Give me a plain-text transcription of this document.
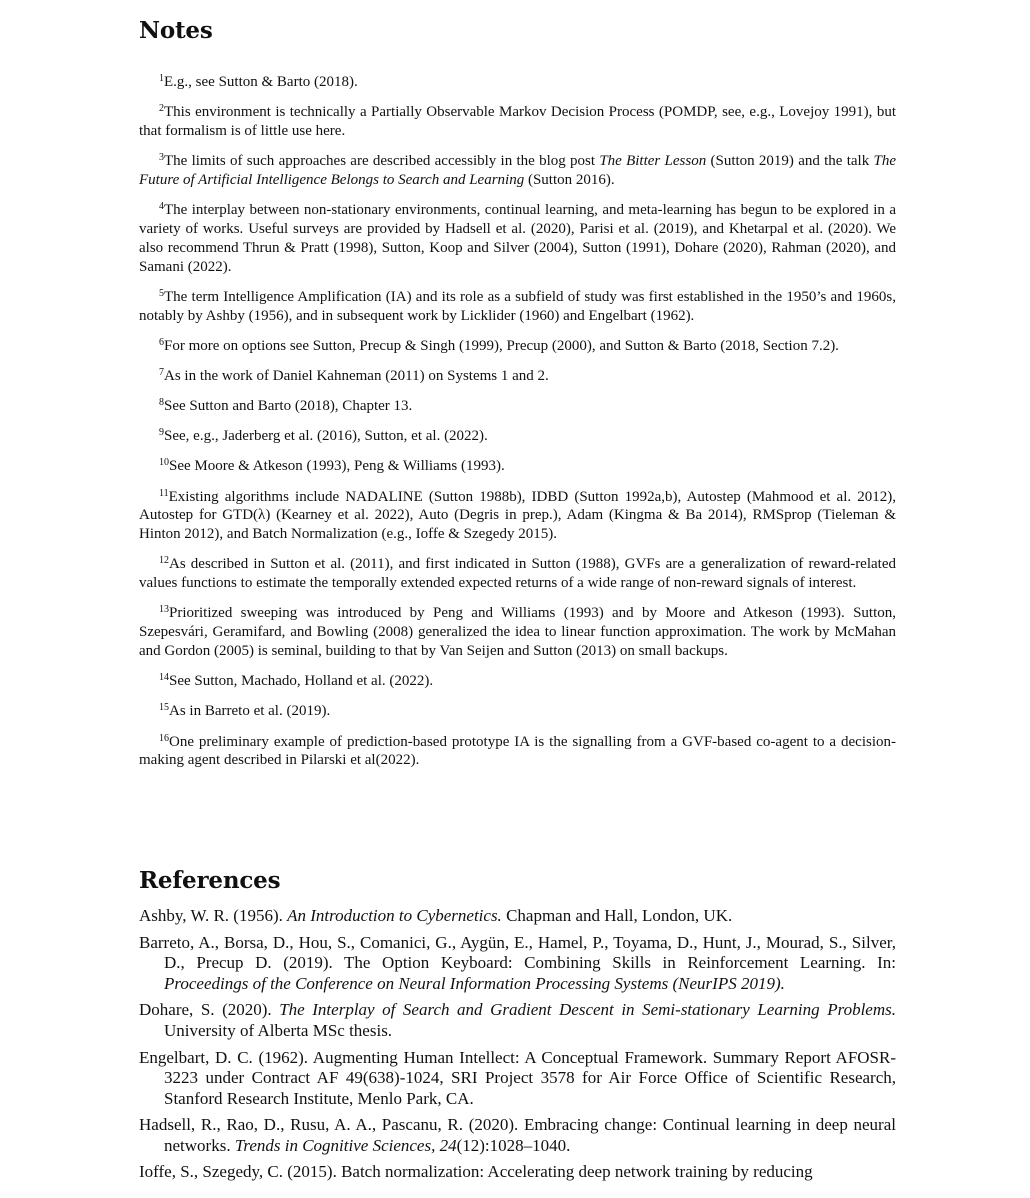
Notes

$^1$E.g., see Sutton & Barto (2018).

$^2$This environment is technically a Partially Observable Markov Decision Process (POMDP, see, e.g., Lovejoy 1991), but that formalism is of little use here.

$^3$The limits of such approaches are described accessibly in the blog post The Bitter Lesson (Sutton 2019) and the talk The Future of Artificial Intelligence Belongs to Search and Learning (Sutton 2016).

$^4$The interplay between non-stationary environments, continual learning, and meta-learning has begun to be explored in a variety of works. Useful surveys are provided by Hadsell et al. (2020), Parisi et al. (2019), and Khetarpal et al. (2020). We also recommend Thrun & Pratt (1998), Sutton, Koop and Silver (2004), Sutton (1991), Dohare (2020), Rahman (2020), and Samani (2022).

$^5$The term Intelligence Amplification (IA) and its role as a subfield of study was first established in the 1950’s and 1960s, notably by Ashby (1956), and in subsequent work by Licklider (1960) and Engelbart (1962).

$^6$For more on options see Sutton, Precup & Singh (1999), Precup (2000), and Sutton & Barto (2018, Section 7.2).

$^7$As in the work of Daniel Kahneman (2011) on Systems 1 and 2.

$^8$See Sutton and Barto (2018), Chapter 13.

$^9$See, e.g., Jaderberg et al. (2016), Sutton, et al. (2022).

$^{10}$See Moore & Atkeson (1993), Peng & Williams (1993).

$^{11}$Existing algorithms include NADALINE (Sutton 1988b), IDBD (Sutton 1992a,b), Autostep (Mahmood et al. 2012), Autostep for GTD(λ) (Kearney et al. 2022), Auto (Degris in prep.), Adam (Kingma & Ba 2014), RMSprop (Tieleman & Hinton 2012), and Batch Normalization (e.g., Ioffe & Szegedy 2015).

$^{12}$As described in Sutton et al. (2011), and first indicated in Sutton (1988), GVFs are a generalization of reward-related values functions to estimate the temporally extended expected returns of a wide range of non-reward signals of interest.

$^{13}$Prioritized sweeping was introduced by Peng and Williams (1993) and by Moore and Atkeson (1993). Sutton, Szepesvári, Geramifard, and Bowling (2008) generalized the idea to linear function approximation. The work by McMahan and Gordon (2005) is seminal, building to that by Van Seijen and Sutton (2013) on small backups.

$^{14}$See Sutton, Machado, Holland et al. (2022).

$^{15}$As in Barreto et al. (2019).

$^{16}$One preliminary example of prediction-based prototype IA is the signalling from a GVF-based co-agent to a decision-making agent described in Pilarski et al(2022).

References

Ashby, W. R. (1956). An Introduction to Cybernetics. Chapman and Hall, London, UK.

Barreto, A., Borsa, D., Hou, S., Comanici, G., Aygün, E., Hamel, P., Toyama, D., Hunt, J., Mourad, S., Silver, D., Precup D. (2019). The Option Keyboard: Combining Skills in Reinforcement Learning. In: Proceedings of the Conference on Neural Information Processing Systems (NeurIPS 2019).

Dohare, S. (2020). The Interplay of Search and Gradient Descent in Semi-stationary Learning Problems. University of Alberta MSc thesis.

Engelbart, D. C. (1962). Augmenting Human Intellect: A Conceptual Framework. Summary Report AFOSR-3223 under Contract AF 49(638)-1024, SRI Project 3578 for Air Force Office of Scientific Research, Stanford Research Institute, Menlo Park, CA.

Hadsell, R., Rao, D., Rusu, A. A., Pascanu, R. (2020). Embracing change: Continual learning in deep neural networks. Trends in Cognitive Sciences, 24(12):1028–1040.

Ioffe, S., Szegedy, C. (2015). Batch normalization: Accelerating deep network training by reducing
